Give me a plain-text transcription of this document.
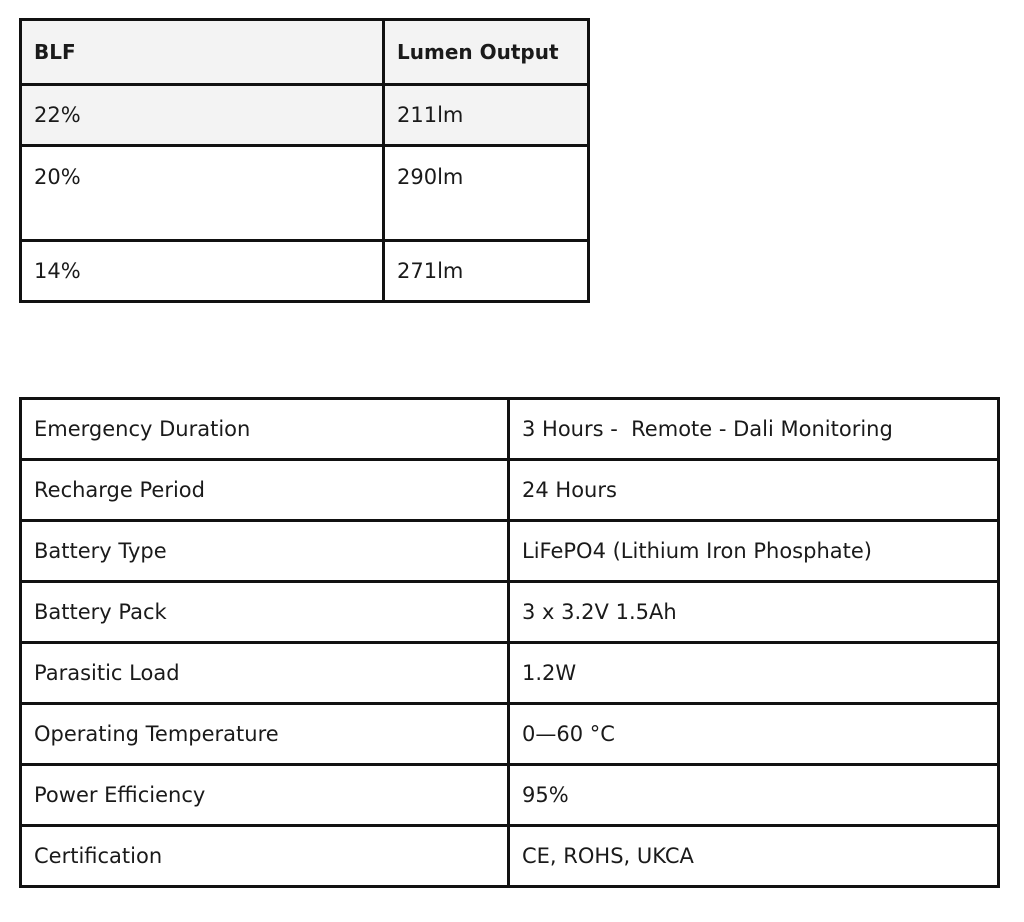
BLF	Lumen Output
22%	211lm
20%	290lm
14%	271lm
Emergency Duration	3 Hours -  Remote - Dali Monitoring
Recharge Period	24 Hours
Battery Type	LiFePO4 (Lithium Iron Phosphate)
Battery Pack	3 x 3.2V 1.5Ah
Parasitic Load	1.2W
Operating Temperature	0—60 °C
Power Efficiency	95%
Certification	CE, ROHS, UKCA
